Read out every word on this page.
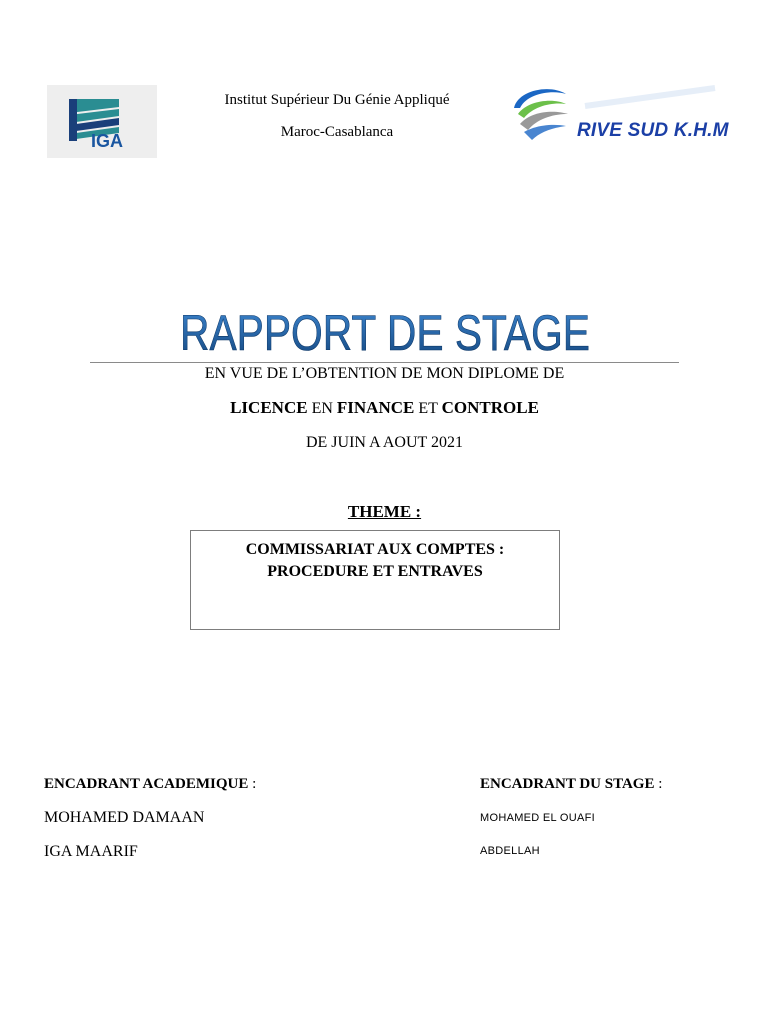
IGA
Institut Supérieur Du Génie Appliqué
Maroc-Casablanca	RIVE SUD K.H.M
RAPPORT DE STAGE
EN VUE DE L’OBTENTION DE MON DIPLOME DE
LICENCE EN FINANCE ET CONTROLE
DE JUIN A AOUT 2021
THEME :
COMMISSARIAT AUX COMPTES :
PROCEDURE ET ENTRAVES
ENCADRANT ACADEMIQUE :	ENCADRANT DU STAGE :
MOHAMED DAMAAN
IGA MAARIF
MOHAMED EL OUAFI
ABDELLAH
